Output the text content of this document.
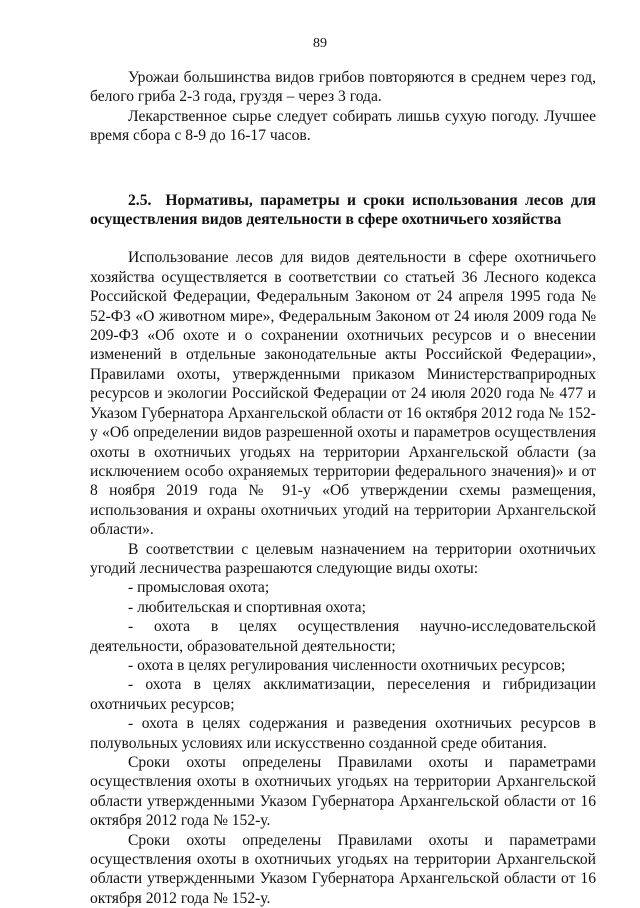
89

Урожаи большинства видов грибов повторяются в среднем через год, белого гриба 2-3 года, груздя – через 3 года.

Лекарственное сырье следует собирать лишьв сухую погоду. Лучшее время сбора с 8-9 до 16-17 часов.

2.5. Нормативы, параметры и сроки использования лесов для осуществления видов деятельности в сфере охотничьего хозяйства

Использование лесов для видов деятельности в сфере охотничьего хозяйства осуществляется в соответствии со статьей 36 Лесного кодекса Российской Федерации, Федеральным Законом от 24 апреля 1995 года № 52-ФЗ «О животном мире», Федеральным Законом от 24 июля 2009 года № 209-ФЗ «Об охоте и о сохранении охотничьих ресурсов и о внесении изменений в отдельные законодательные акты Российской Федерации», Правилами охоты, утвержденными приказом Министерстваприродных ресурсов и экологии Российской Федерации от 24 июля 2020 года № 477 и Указом Губернатора Архангельской области от 16 октября 2012 года № 152-у «Об определении видов разрешенной охоты и параметров осуществления охоты в охотничьих угодьях на территории Архангельской области (за исключением особо охраняемых территории федерального значения)» и от 8 ноября 2019 года № 91-у «Об утверждении схемы размещения, использования и охраны охотничьих угодий на территории Архангельской области».

В соответствии с целевым назначением на территории охотничьих угодий лесничества разрешаются следующие виды охоты:

- промысловая охота;

- любительская и спортивная охота;

- охота в целях осуществления научно-исследовательской деятельности, образовательной деятельности;

- охота в целях регулирования численности охотничьих ресурсов;

- охота в целях акклиматизации, переселения и гибридизации охотничьих ресурсов;

- охота в целях содержания и разведения охотничьих ресурсов в полувольных условиях или искусственно созданной среде обитания.

Сроки охоты определены Правилами охоты и параметрами осуществления охоты в охотничьих угодьях на территории Архангельской области утвержденными Указом Губернатора Архангельской области от 16 октября 2012 года № 152-у.

Сроки охоты определены Правилами охоты и параметрами осуществления охоты в охотничьих угодьях на территории Архангельской области утвержденными Указом Губернатора Архангельской области от 16 октября 2012 года № 152-у.
